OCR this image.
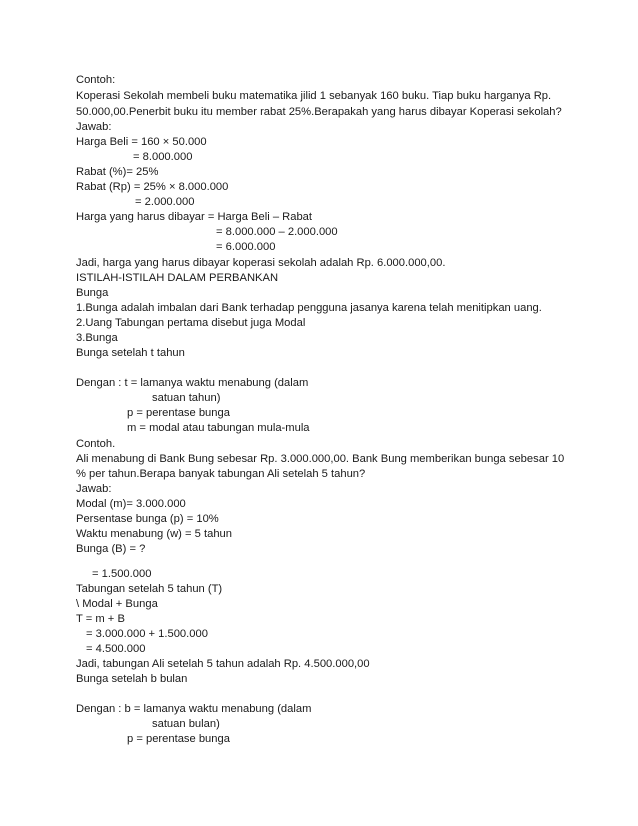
Contoh:

Koperasi Sekolah membeli buku matematika jilid 1 sebanyak 160 buku. Tiap buku harganya Rp.

50.000,00.Penerbit buku itu member rabat 25%.Berapakah yang harus dibayar Koperasi sekolah?

Jawab:

Harga Beli = 160 × 50.000

= 8.000.000

Rabat (%)= 25%

Rabat (Rp) = 25% × 8.000.000

= 2.000.000

Harga yang harus dibayar = Harga Beli – Rabat

= 8.000.000 – 2.000.000

= 6.000.000

Jadi, harga yang harus dibayar koperasi sekolah adalah Rp. 6.000.000,00.

ISTILAH-ISTILAH DALAM PERBANKAN

Bunga

1.Bunga adalah imbalan dari Bank terhadap pengguna jasanya karena telah menitipkan uang.

2.Uang Tabungan pertama disebut juga Modal

3.Bunga

Bunga setelah t tahun

Dengan : t = lamanya waktu menabung (dalam

satuan tahun)

p = perentase bunga

m = modal atau tabungan mula-mula

Contoh.

Ali menabung di Bank Bung sebesar Rp. 3.000.000,00. Bank Bung memberikan bunga sebesar 10

% per tahun.Berapa banyak tabungan Ali setelah 5 tahun?

Jawab:

Modal (m)= 3.000.000

Persentase bunga (p) = 10%

Waktu menabung (w) = 5 tahun

Bunga (B) = ?

= 1.500.000

Tabungan setelah 5 tahun (T)

\ Modal + Bunga

T = m + B

= 3.000.000 + 1.500.000

= 4.500.000

Jadi, tabungan Ali setelah 5 tahun adalah Rp. 4.500.000,00

Bunga setelah b bulan

Dengan : b = lamanya waktu menabung (dalam

satuan bulan)

p = perentase bunga
